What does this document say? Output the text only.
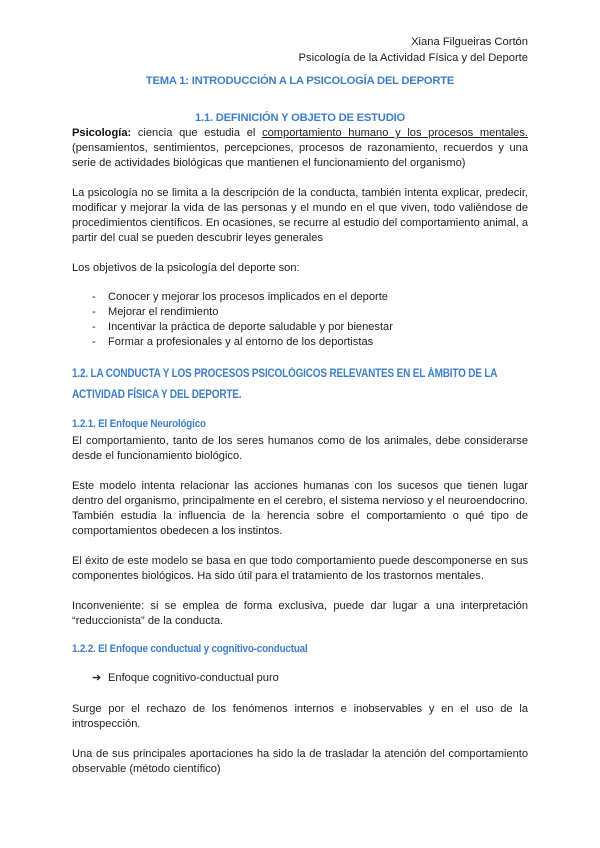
Xiana Filgueiras Cortón
Psicología de la Actividad Física y del Deporte
TEMA 1: INTRODUCCIÓN A LA PSICOLOGÍA DEL DEPORTE
1.1. DEFINICIÓN Y OBJETO DE ESTUDIO

Psicología: ciencia que estudia el comportamiento humano y los procesos mentales. (pensamientos, sentimientos, percepciones, procesos de razonamiento, recuerdos y una serie de actividades biológicas que mantienen el funcionamiento del organismo)

La psicología no se limita a la descripción de la conducta, también intenta explicar, predecir, modificar y mejorar la vida de las personas y el mundo en el que viven, todo valiéndose de procedimientos científicos. En ocasiones, se recurre al estudio del comportamiento animal, a partir del cual se pueden descubrir leyes generales

Los objetivos de la psicología del deporte son:

- Conocer y mejorar los procesos implicados en el deporte
- Mejorar el rendimiento
- Incentivar la práctica de deporte saludable y por bienestar
- Formar a profesionales y al entorno de los deportistas
1.2. LA CONDUCTA Y LOS PROCESOS PSICOLÓGICOS RELEVANTES EN EL ÁMBITO DE LA ACTIVIDAD FÍSICA Y DEL DEPORTE.
1.2.1. El Enfoque Neurológico

El comportamiento, tanto de los seres humanos como de los animales, debe considerarse desde el funcionamiento biológico.

Este modelo intenta relacionar las acciones humanas con los sucesos que tienen lugar dentro del organismo, principalmente en el cerebro, el sistema nervioso y el neuroendocrino. También estudia la influencia de la herencia sobre el comportamiento o qué tipo de comportamientos obedecen a los instintos.

El éxito de este modelo se basa en que todo comportamiento puede descomponerse en sus componentes biológicos. Ha sido útil para el tratamiento de los trastornos mentales.

Inconveniente: si se emplea de forma exclusiva, puede dar lugar a una interpretación “reduccionista” de la conducta.

1.2.2. El Enfoque conductual y cognitivo-conductual
➔ Enfoque cognitivo-conductual puro

Surge por el rechazo de los fenómenos internos e inobservables y en el uso de la introspección.

Una de sus principales aportaciones ha sido la de trasladar la atención del comportamiento observable (método científico)
